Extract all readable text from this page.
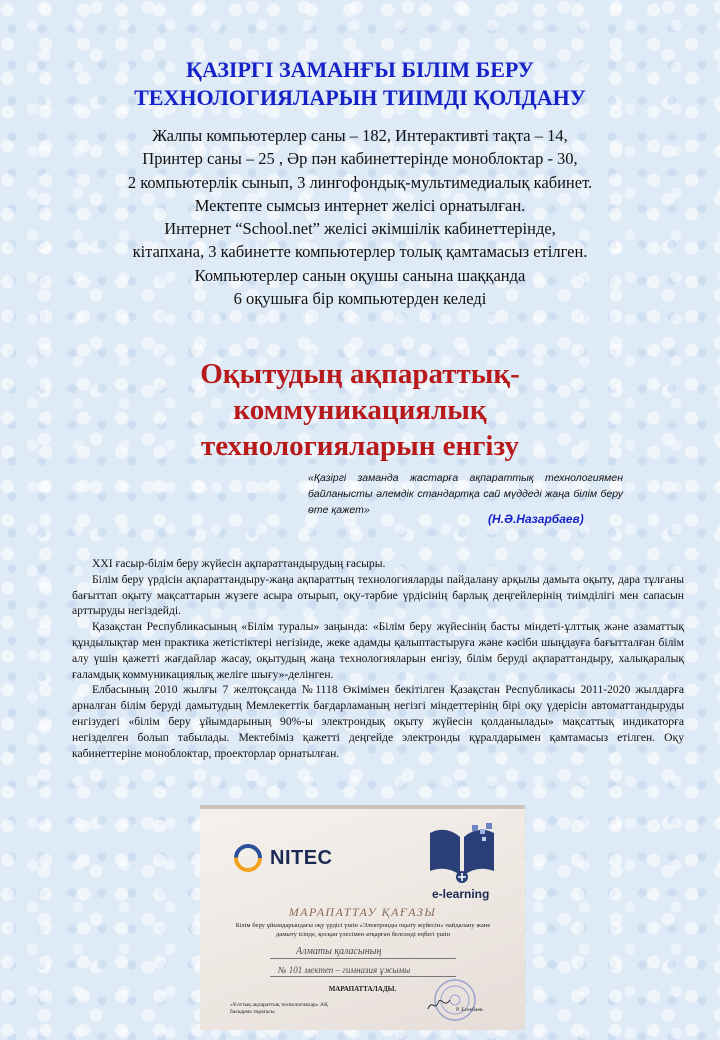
ҚАЗІРГІ ЗАМАНҒЫ БІЛІМ БЕРУ
ТЕХНОЛОГИЯЛАРЫН ТИІМДІ ҚОЛДАНУ
Жалпы компьютерлер саны – 182, Интерактивті тақта – 14,
Принтер саны – 25 , Әр пән кабинеттерінде моноблоктар - 30,
2 компьютерлік сынып, 3 лингофондық-мультимедиалық кабинет.
Мектепте сымсыз интернет желісі орнатылған.
Интернет “School.net” желісі әкімшілік кабинеттерінде,
кітапхана, 3 кабинетте компьютерлер толық қамтамасыз етілген.
Компьютерлер санын оқушы санына шаққанда
6 оқушыға бір компьютерден келеді
Оқытудың ақпараттық-
коммуникациялық
технологияларын енгізу
«Қазіргі заманда жастарға ақпараттық технологиямен байланысты әлемдік стандартқа сай мүддеді жаңа білім беру өте қажет»
(Н.Ә.Назарбаев)

XXI ғасыр-білім беру жүйесін ақпараттандырудың ғасыры.

Білім беру үрдісін ақпараттандыру-жаңа ақпараттың технологияларды пайдалану арқылы дамыта оқыту, дара тұлғаны бағыттап оқыту мақсаттарын жүзеге асыра отырып, оқу-тәрбие үрдісінің барлық деңгейлерінің тиімділігі мен сапасын арттыруды негіздейді.

Қазақстан Республикасының «Білім туралы» заңында: «Білім беру жүйесінің басты міндеті-ұлттық және азаматтық құндылықтар мен практика жетістіктері негізінде, жеке адамды қалыптастыруға және кәсіби шыңдауға бағытталған білім алу үшін қажетті жағдайлар жасау, оқытудың жаңа технологияларын енгізу, білім беруді ақпараттандыру, халықаралық ғаламдық коммуникациялық желіге шығу»-делінген.

Елбасының 2010 жылғы 7 желтоқсанда №1118 Өкімімен бекітілген Қазақстан Республикасы 2011-2020 жылдарға арналған білім беруді дамытудың Мемлекеттік бағдарламаның негізгі міндеттерінің бірі оқу үдерісін автоматтандыруды енгізудегі «білім беру ұйымдарының 90%-ы электрондық оқыту жүйесін қолданылады» мақсаттық индикаторға негізделген болып табылады. Мектебіміз қажетті деңгейде электронды құралдарымен қамтамасыз етілген. Оқу кабинеттеріне моноблоктар, проекторлар орнатылған.

NITEC
e-learning
МАРАПАТТАУ ҚАҒАЗЫ
Білім беру ұйымдарындағы оқу үрдісі үшін «Электронды оқыту жүйесін» пайдалану және дамыту ісінде, қосқан үлесімен атқарған белсенді еңбегі үшін
Алматы қаласының
№ 101 мектеп – гимназия ұжымы
МАРАПАТТАЛАДЫ.
«Ұлттық ақпараттық технологиялар» АҚ басқарма төрағасы	Р. Есеебаев
